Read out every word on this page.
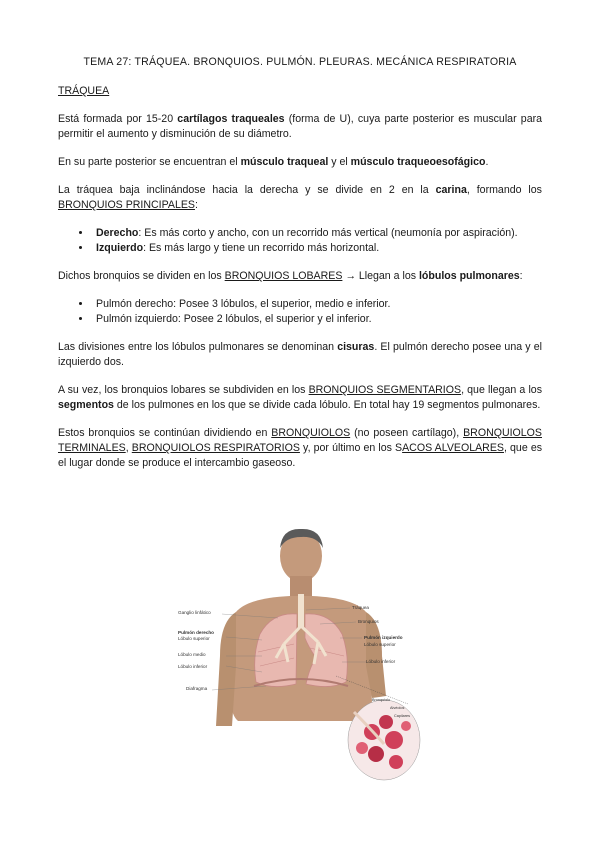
TEMA 27: TRÁQUEA. BRONQUIOS. PULMÓN. PLEURAS. MECÁNICA RESPIRATORIA
TRÁQUEA

Está formada por 15-20 cartílagos traqueales (forma de U), cuya parte posterior es muscular para permitir el aumento y disminución de su diámetro.

En su parte posterior se encuentran el músculo traqueal y el músculo traqueoesofágico.

La tráquea baja inclinándose hacia la derecha y se divide en 2 en la carina, formando los BRONQUIOS PRINCIPALES:

• Derecho: Es más corto y ancho, con un recorrido más vertical (neumonía por aspiración).
• Izquierdo: Es más largo y tiene un recorrido más horizontal.

Dichos bronquios se dividen en los BRONQUIOS LOBARES → Llegan a los lóbulos pulmonares:

• Pulmón derecho: Posee 3 lóbulos, el superior, medio e inferior.
• Pulmón izquierdo: Posee 2 lóbulos, el superior y el inferior.

Las divisiones entre los lóbulos pulmonares se denominan cisuras. El pulmón derecho posee una y el izquierdo dos.

A su vez, los bronquios lobares se subdividen en los BRONQUIOS SEGMENTARIOS, que llegan a los segmentos de los pulmones en los que se divide cada lóbulo. En total hay 19 segmentos pulmonares.

Estos bronquios se continúan dividiendo en BRONQUIOLOS (no poseen cartílago), BRONQUIOLOS TERMINALES, BRONQUIOLOS RESPIRATORIOS y, por último en los SACOS ALVEOLARES, que es el lugar donde se produce el intercambio gaseoso.

Ganglio linfático
Pulmón derecho
Lóbulo superior
Lóbulo medio
Lóbulo inferior
Diafragma
Tráquea
Bronquios
Pulmón izquierdo
Lóbulo superior
Lóbulo inferior
Bronquiolo
Alvéolos
Capilares
